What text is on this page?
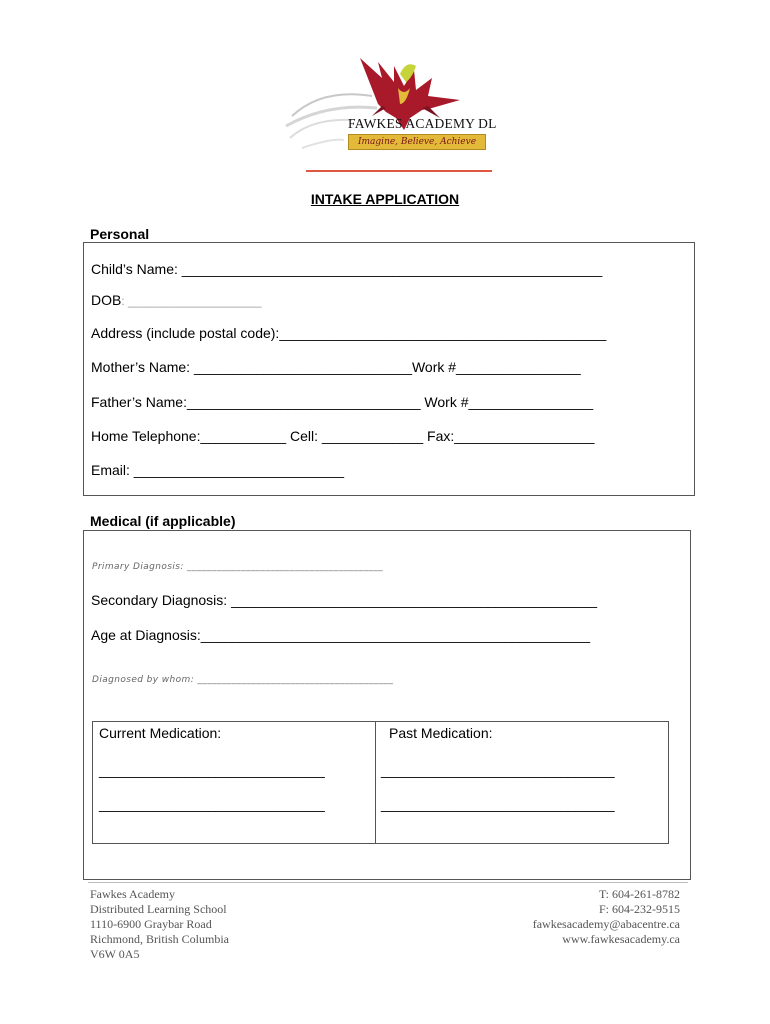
FAWKES ACADEMY DL
Imagine, Believe, Achieve
INTAKE APPLICATION
Personal
Child’s Name: ______________________________________________________
DOB: ____________________
Address (include postal code):__________________________________________
Mother’s Name: ____________________________Work #________________
Father’s Name:______________________________ Work #________________
Home Telephone:___________ Cell: _____________ Fax:__________________
Email: ___________________________
Medical (if applicable)
Primary Diagnosis: ________________________________________
Secondary Diagnosis: _______________________________________________
Age at Diagnosis:__________________________________________________
Diagnosed by whom: ________________________________________
Current Medication:	Past Medication:
_____________________________
_____________________________
______________________________
______________________________
Fawkes Academy
Distributed Learning School
1110-6900 Graybar Road
Richmond, British Columbia
V6W 0A5
T: 604-261-8782
F: 604-232-9515
fawkesacademy@abacentre.ca
www.fawkesacademy.ca
